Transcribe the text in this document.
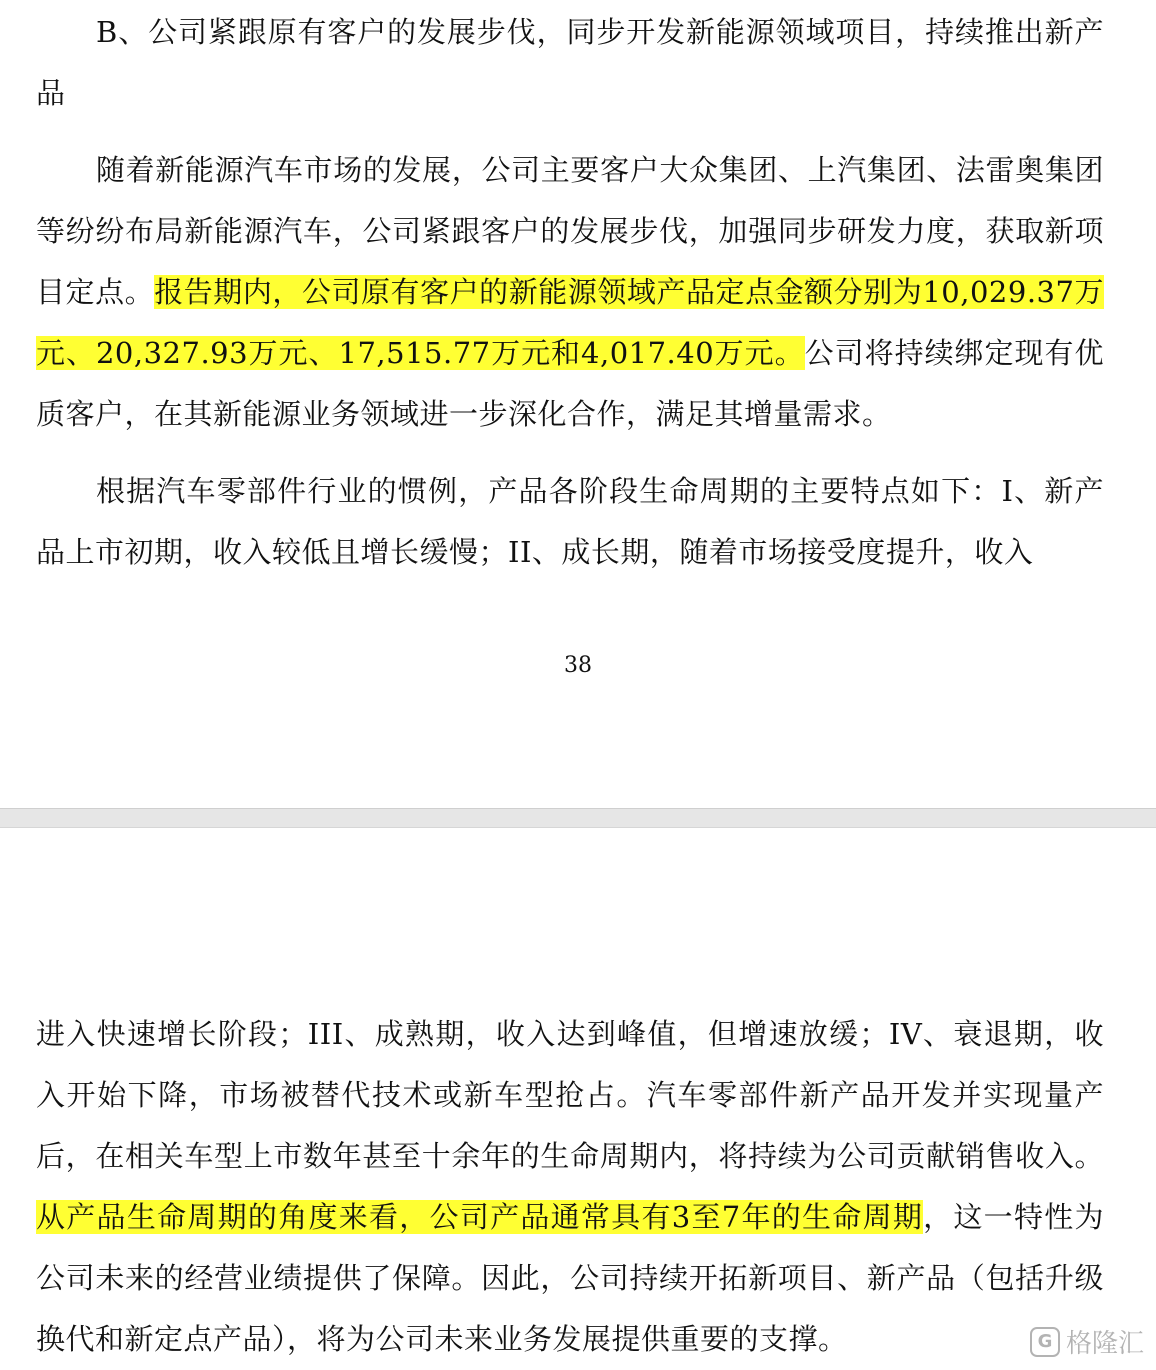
B、公司紧跟原有客户的发展步伐，同步开发新能源领域项目，持续推出新产品

随着新能源汽车市场的发展，公司主要客户大众集团、上汽集团、法雷奥集团等纷纷布局新能源汽车，公司紧跟客户的发展步伐，加强同步研发力度，获取新项目定点。报告期内，公司原有客户的新能源领域产品定点金额分别为10,029.37万元、20,327.93万元、17,515.77万元和4,017.40万元。公司将持续绑定现有优质客户，在其新能源业务领域进一步深化合作，满足其增量需求。

根据汽车零部件行业的惯例，产品各阶段生命周期的主要特点如下：I、新产品上市初期，收入较低且增长缓慢；II、成长期，随着市场接受度提升，收入

38

进入快速增长阶段；III、成熟期，收入达到峰值，但增速放缓；IV、衰退期，收入开始下降，市场被替代技术或新车型抢占。汽车零部件新产品开发并实现量产后，在相关车型上市数年甚至十余年的生命周期内，将持续为公司贡献销售收入。从产品生命周期的角度来看，公司产品通常具有3至7年的生命周期，这一特性为公司未来的经营业绩提供了保障。因此，公司持续开拓新项目、新产品（包括升级换代和新定点产品），将为公司未来业务发展提供重要的支撑。	G 格隆汇
